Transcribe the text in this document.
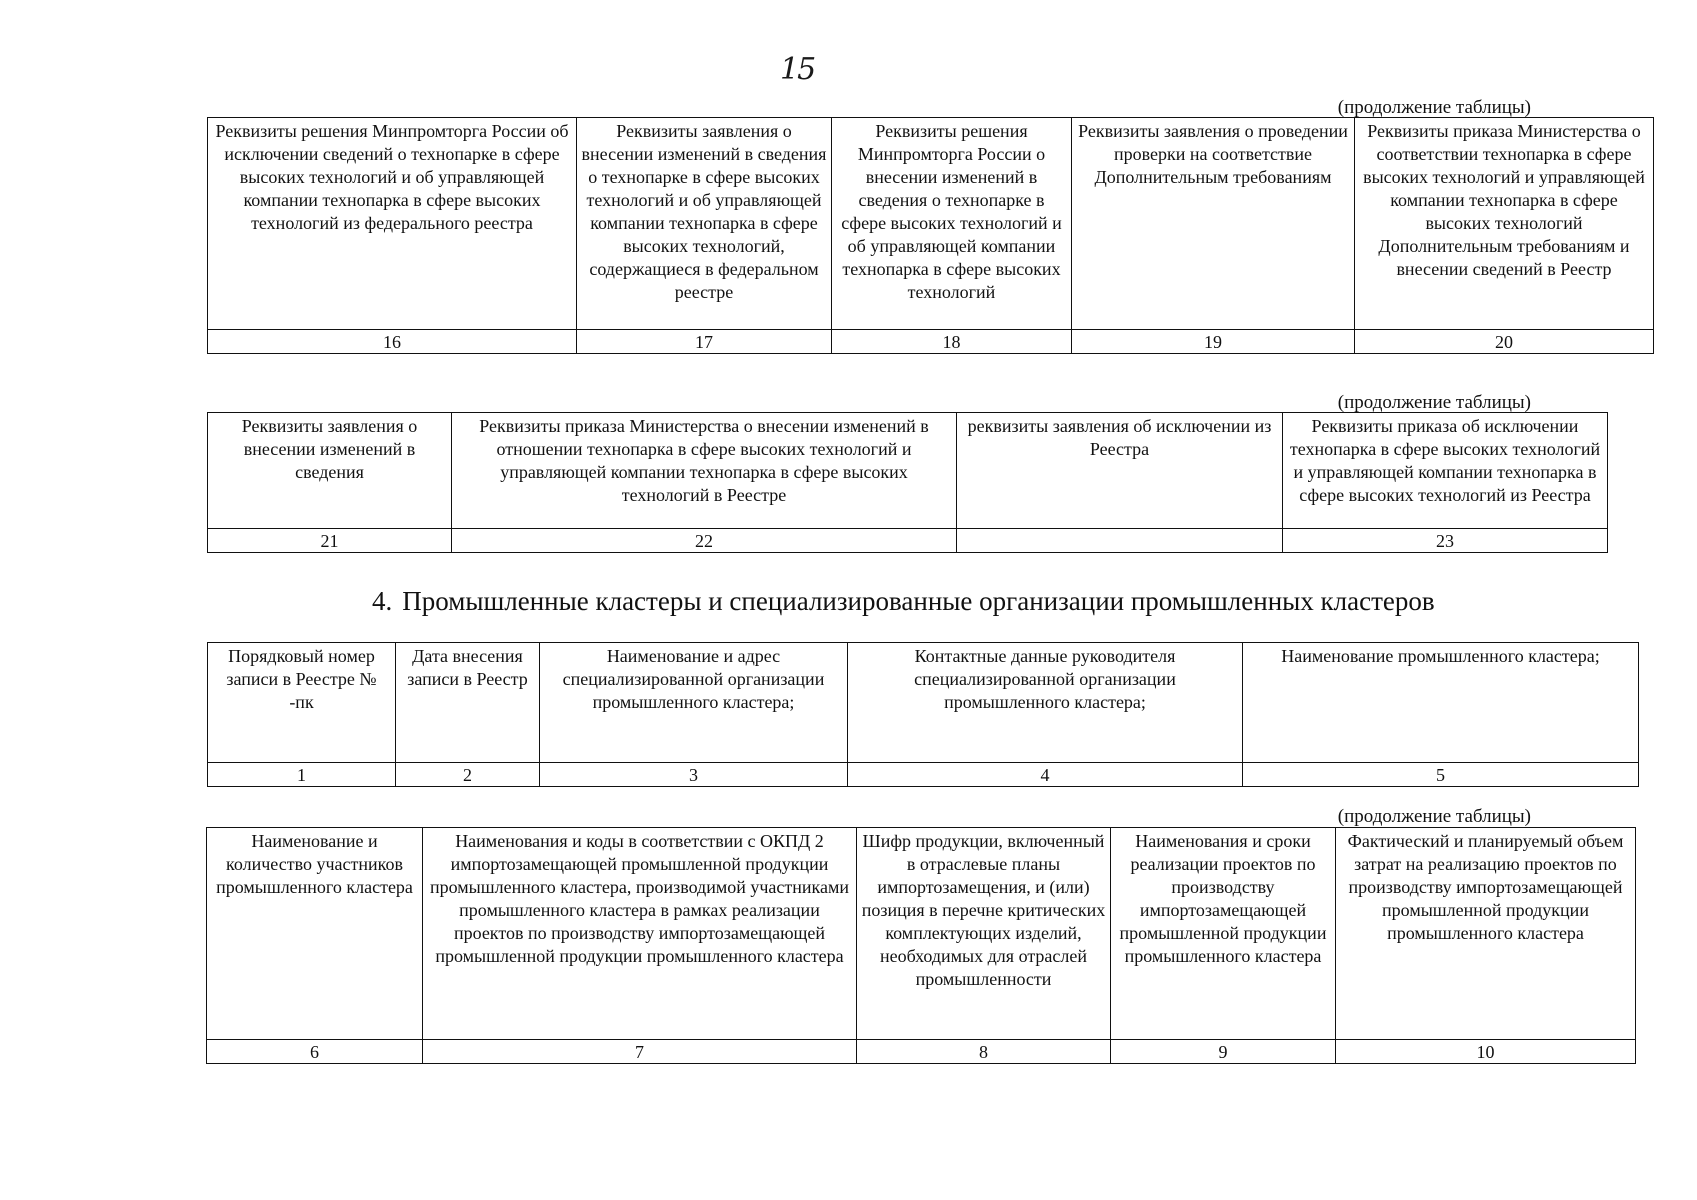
15
(продолжение таблицы)
Реквизиты решения Минпромторга России об исключении сведений о технопарке в сфере высоких технологий и об управляющей компании технопарка в сфере высоких технологий из федерального реестра	Реквизиты заявления о внесении изменений в сведения о технопарке в сфере высоких технологий и об управляющей компании технопарка в сфере высоких технологий, содержащиеся в федеральном реестре	Реквизиты решения Минпромторга России о внесении изменений в сведения о технопарке в сфере высоких технологий и об управляющей компании технопарка в сфере высоких технологий	Реквизиты заявления о проведении проверки на соответствие Дополнительным требованиям	Реквизиты приказа Министерства о соответствии технопарка в сфере высоких технологий и управляющей компании технопарка в сфере высоких технологий Дополнительным требованиям и внесении сведений в Реестр
16	17	18	19	20
(продолжение таблицы)
Реквизиты заявления о внесении изменений в сведения	Реквизиты приказа Министерства о внесении изменений в отношении технопарка в сфере высоких технологий и управляющей компании технопарка в сфере высоких технологий в Реестре	реквизиты заявления об исключении из Реестра	Реквизиты приказа об исключении технопарка в сфере высоких технологий и управляющей компании технопарка в сфере высоких технологий из Реестра
21	22		23
4. Промышленные кластеры и специализированные организации промышленных кластеров
Порядковый номер записи в Реестре № -пк	Дата внесения записи в Реестр	Наименование и адрес специализированной организации промышленного кластера;	Контактные данные руководителя специализированной организации промышленного кластера;	Наименование промышленного кластера;
1	2	3	4	5
(продолжение таблицы)
Наименование и количество участников промышленного кластера	Наименования и коды в соответствии с ОКПД 2 импортозамещающей промышленной продукции промышленного кластера, производимой участниками промышленного кластера в рамках реализации проектов по производству импортозамещающей промышленной продукции промышленного кластера	Шифр продукции, включенный в отраслевые планы импортозамещения, и (или) позиция в перечне критических комплектующих изделий, необходимых для отраслей промышленности	Наименования и сроки реализации проектов по производству импортозамещающей промышленной продукции промышленного кластера	Фактический и планируемый объем затрат на реализацию проектов по производству импортозамещающей промышленной продукции промышленного кластера
6	7	8	9	10
